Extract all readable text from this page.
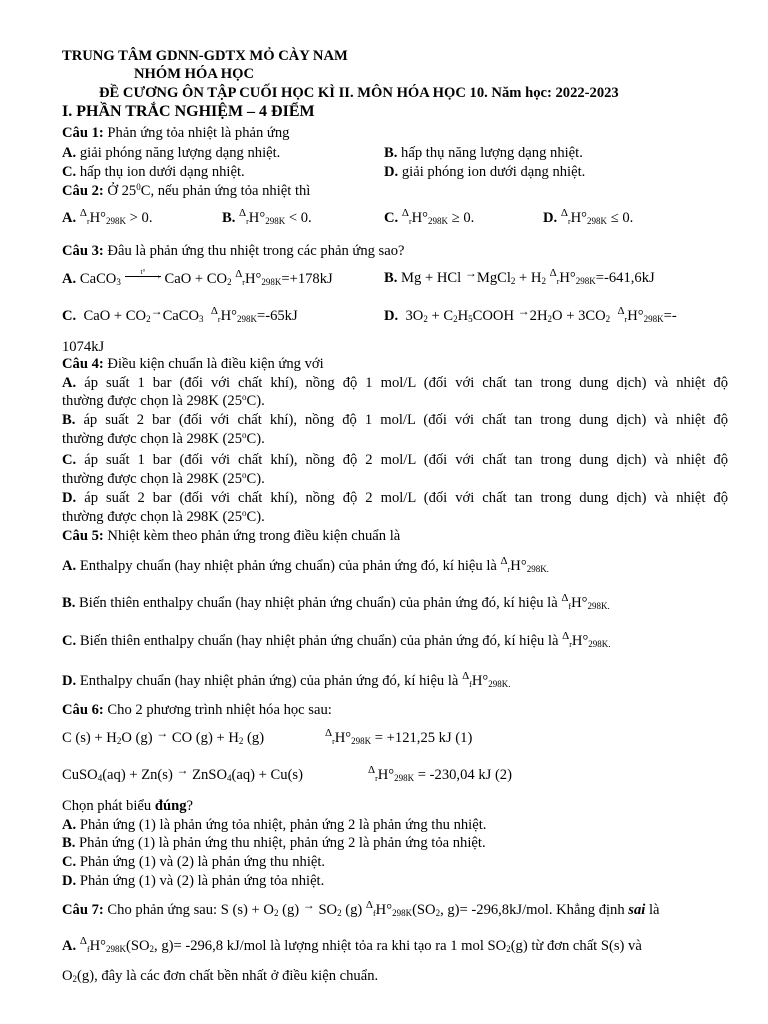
TRUNG TÂM GDNN-GDTX MỎ CÀY NAM
NHÓM HÓA HỌC
ĐỀ CƯƠNG ÔN TẬP CUỐI HỌC KÌ II. MÔN HÓA HỌC 10. Năm học: 2022-2023
I. PHẦN TRẮC NGHIỆM – 4 ĐIỂM
Câu 1: Phản ứng tỏa nhiệt là phản ứng
A. giải phóng năng lượng dạng nhiệt.	B. hấp thụ năng lượng dạng nhiệt.
C. hấp thụ ion dưới dạng nhiệt.	D. giải phóng ion dưới dạng nhiệt.
Câu 2: Ở $25^0C$, nếu phản ứng tỏa nhiệt thì
A. $^\Delta rH^\circ_{298K} > 0$.	B. $^\Delta rH^\circ_{298K} < 0$.	C. $^\Delta rH^\circ_{298K} \ge 0$.	D. $^\Delta rH^\circ_{298K} \le 0$.
Câu 3: Đâu là phản ứng thu nhiệt trong các phản ứng sao?
A. CaCO$_3$
t° › CaO + $CO_2$ $^\Delta rH^\circ_{298K}=+178kJ$	B. Mg + HCl →MgCl$_2$ + $H_2$ $^\Delta rH^\circ_{298K}=-641,6kJ$
C. CaO + $CO_2^\to CaCO_3$  $^\Delta rH^\circ_{298K}=-65kJ$	D. $3O_2$ + $C_2H_5COOH$ $^\to 2H_2O + 3CO_2$  $^\Delta rH^\circ_{298K}=-$
1074kJ
Câu 4: Điều kiện chuẩn là điều kiện ứng với
A. áp suất 1 bar (đối với chất khí), nồng độ 1 mol/L (đối với chất tan trong dung dịch) và nhiệt độ
thường được chọn là 298K (25$^o$C).
B. áp suất 2 bar (đối với chất khí), nồng độ 1 mol/L (đối với chất tan trong dung dịch) và nhiệt độ
thường được chọn là 298K (25$^o$C).
C. áp suất 1 bar (đối với chất khí), nồng độ 2 mol/L (đối với chất tan trong dung dịch) và nhiệt độ
thường được chọn là 298K (25$^o$C).
D. áp suất 2 bar (đối với chất khí), nồng độ 2 mol/L (đối với chất tan trong dung dịch) và nhiệt độ
thường được chọn là 298K (25$^o$C).
Câu 5: Nhiệt kèm theo phản ứng trong điều kiện chuẩn là
A. Enthalpy chuẩn (hay nhiệt phản ứng chuẩn) của phản ứng đó, kí hiệu là $^\Delta rH^\circ_{298K.}$
B. Biến thiên enthalpy chuẩn (hay nhiệt phản ứng chuẩn) của phản ứng đó, kí hiệu là $^\Delta fH^\circ_{298K.}$
C. Biến thiên enthalpy chuẩn (hay nhiệt phản ứng chuẩn) của phản ứng đó, kí hiệu là $^\Delta rH^\circ_{298K.}$
D. Enthalpy chuẩn (hay nhiệt phản ứng) của phản ứng đó, kí hiệu là $^\Delta fH^\circ_{298K.}$
Câu 6: Cho 2 phương trình nhiệt hóa học sau:
C $(s) + H_2O$ (g) → CO $(g) + H_2$ (g)	$^\Delta rH^\circ_{298K} = +121,25$ kJ (1)
CuSO$_4$(aq) + Zn(s) → ZnSO$_4$(aq) + Cu(s)	$^\Delta rH^\circ_{298K} = -230,04$ kJ (2)
Chọn phát biểu đúng?
A. Phản ứng (1) là phản ứng tỏa nhiệt, phản ứng 2 là phản ứng thu nhiệt.
B. Phản ứng (1) là phản ứng thu nhiệt, phản ứng 2 là phản ứng tỏa nhiệt.
C. Phản ứng (1) và (2) là phản ứng thu nhiệt.
D. Phản ứng (1) và (2) là phản ứng tỏa nhiệt.
Câu 7: Cho phản ứng sau: S $(s) + O_2$ (g) → $SO_2$ (g) $^\Delta fH^\circ_{298K}(SO_2$, g)= -296,8kJ/mol. Khẳng định sai là
A. $^\Delta fH^\circ_{298K}(SO_2$, g)= -296,8 kJ/mol là lượng nhiệt tỏa ra khi tạo ra 1 mol $SO_2(g)$ từ đơn chất S(s) và
$O_2(g)$, đây là các đơn chất bền nhất ở điều kiện chuẩn.
